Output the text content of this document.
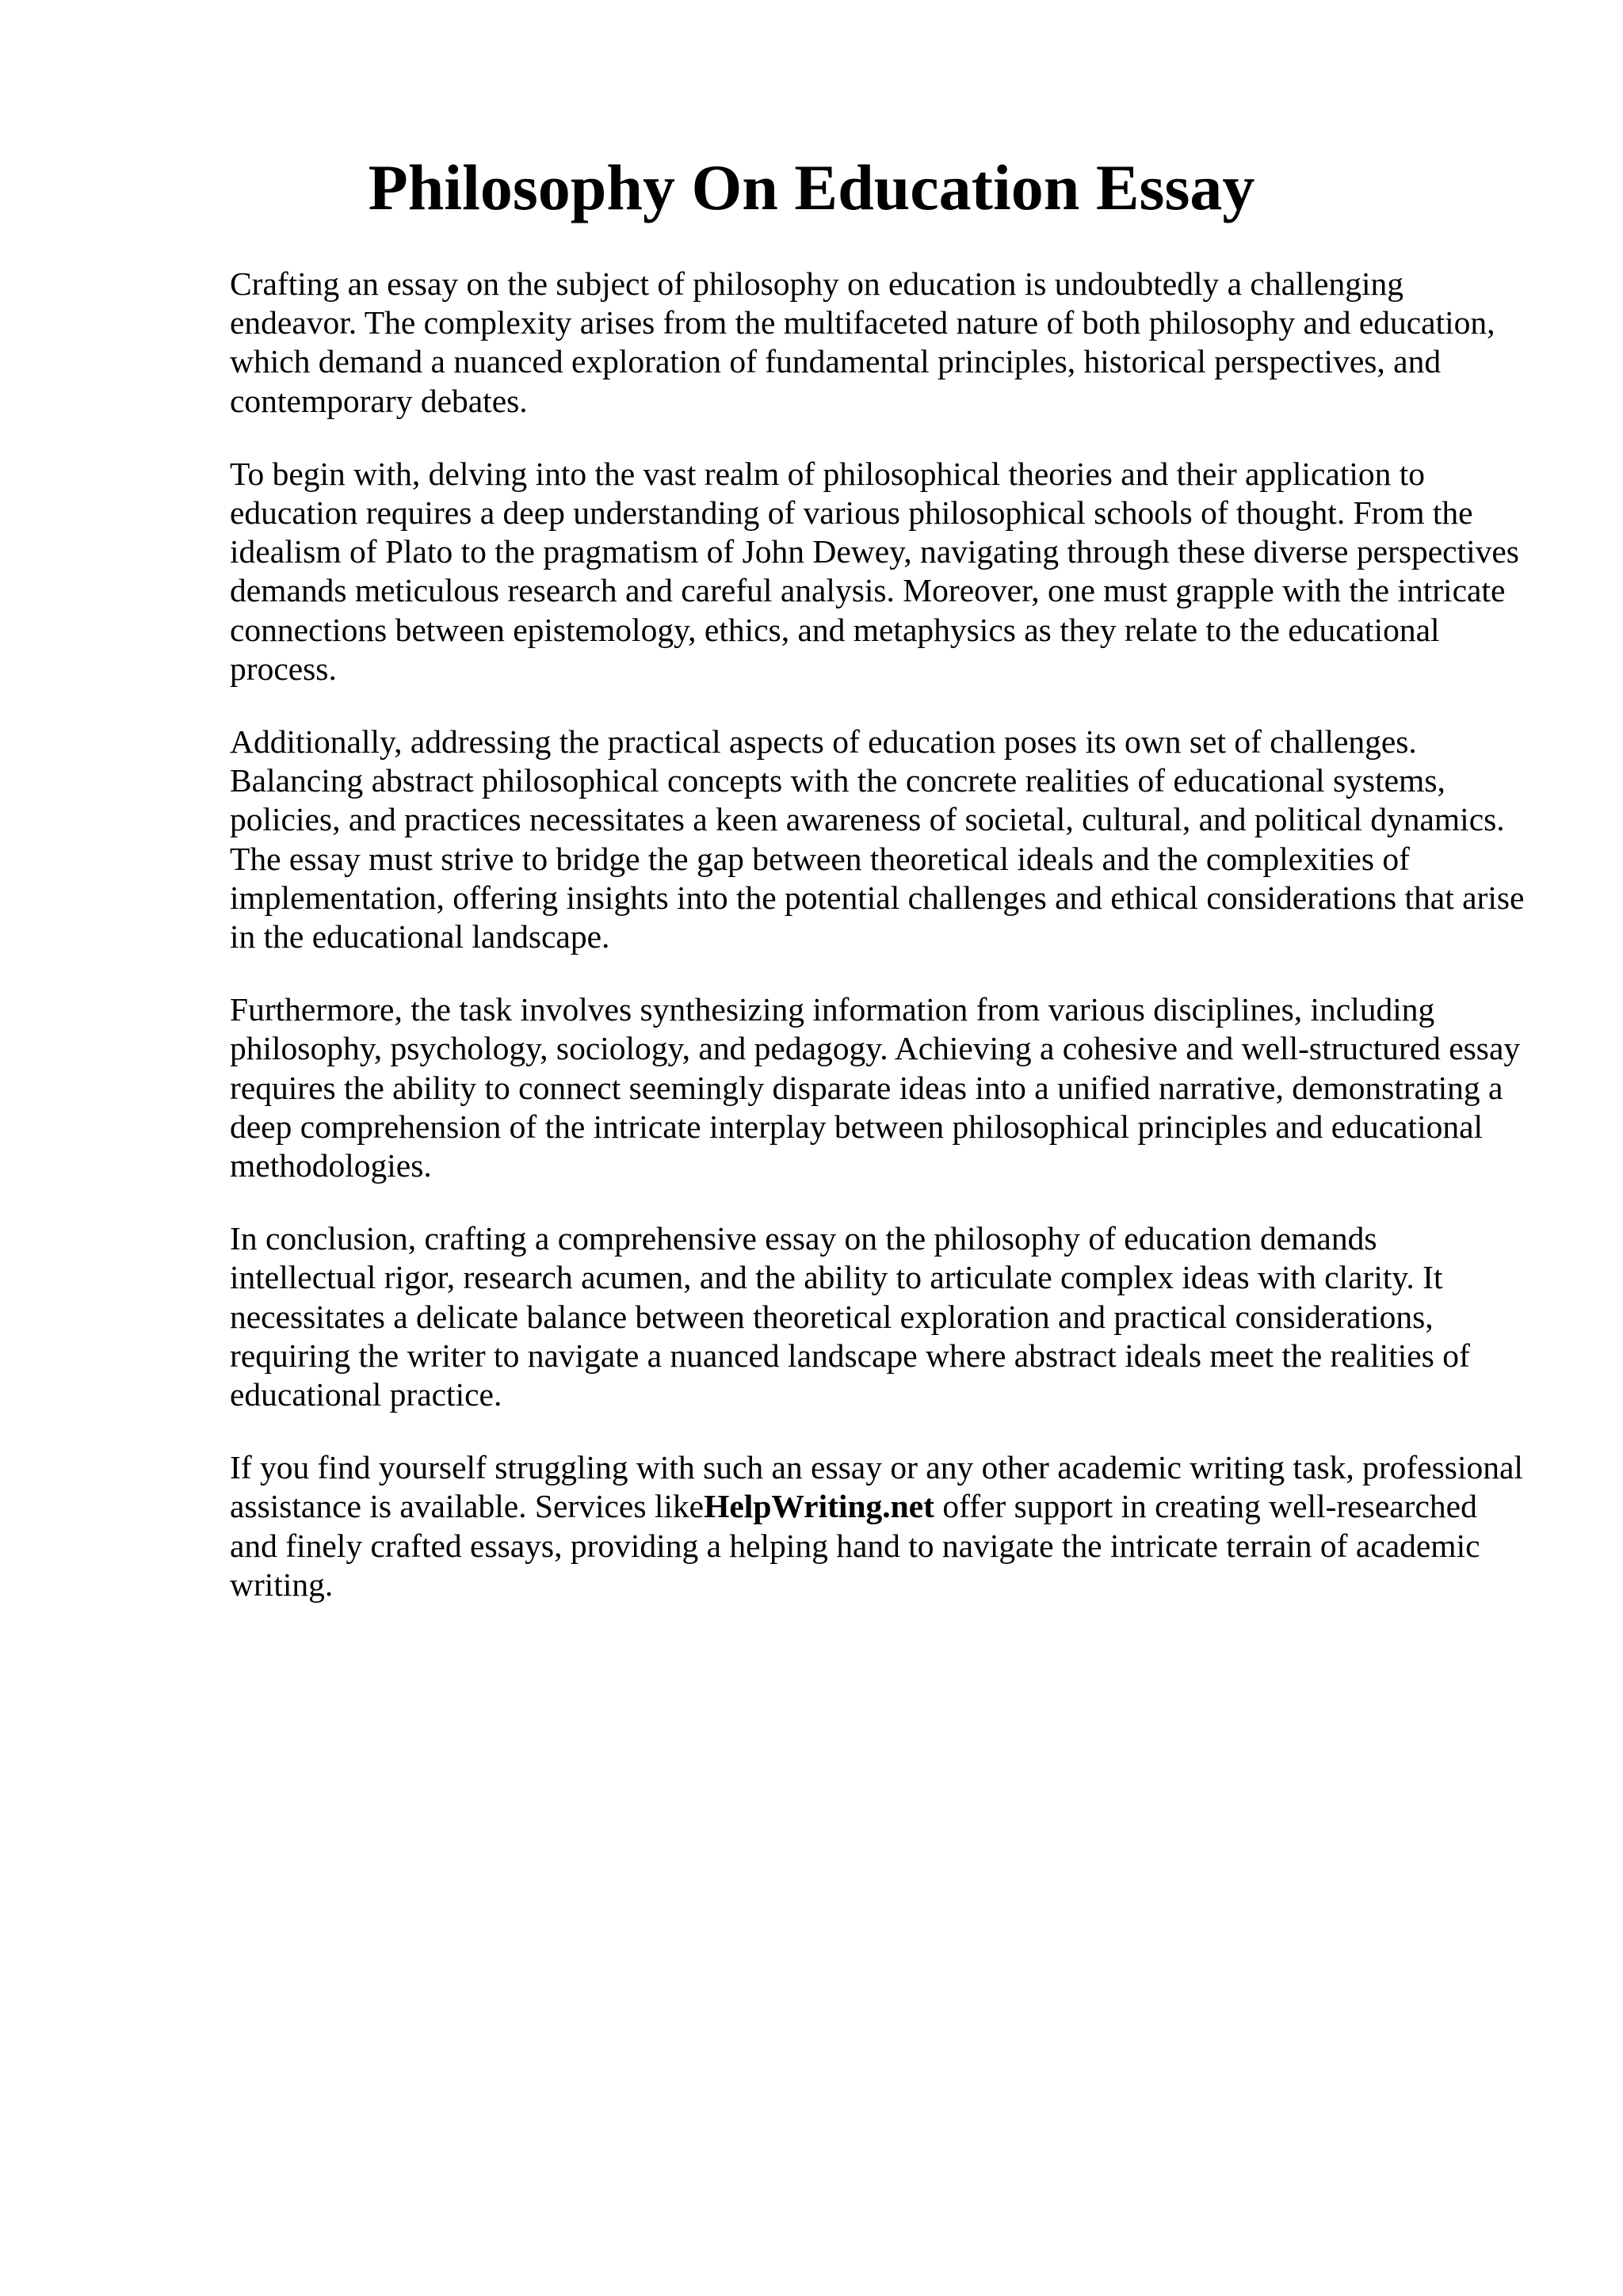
Philosophy On Education Essay

Crafting an essay on the subject of philosophy on education is undoubtedly a challenging endeavor. The complexity arises from the multifaceted nature of both philosophy and education, which demand a nuanced exploration of fundamental principles, historical perspectives, and contemporary debates.

To begin with, delving into the vast realm of philosophical theories and their application to education requires a deep understanding of various philosophical schools of thought. From the idealism of Plato to the pragmatism of John Dewey, navigating through these diverse perspectives demands meticulous research and careful analysis. Moreover, one must grapple with the intricate connections between epistemology, ethics, and metaphysics as they relate to the educational process.

Additionally, addressing the practical aspects of education poses its own set of challenges. Balancing abstract philosophical concepts with the concrete realities of educational systems, policies, and practices necessitates a keen awareness of societal, cultural, and political dynamics. The essay must strive to bridge the gap between theoretical ideals and the complexities of implementation, offering insights into the potential challenges and ethical considerations that arise in the educational landscape.

Furthermore, the task involves synthesizing information from various disciplines, including philosophy, psychology, sociology, and pedagogy. Achieving a cohesive and well-structured essay requires the ability to connect seemingly disparate ideas into a unified narrative, demonstrating a deep comprehension of the intricate interplay between philosophical principles and educational methodologies.

In conclusion, crafting a comprehensive essay on the philosophy of education demands intellectual rigor, research acumen, and the ability to articulate complex ideas with clarity. It necessitates a delicate balance between theoretical exploration and practical considerations, requiring the writer to navigate a nuanced landscape where abstract ideals meet the realities of educational practice.

If you find yourself struggling with such an essay or any other academic writing task, professional assistance is available. Services likeHelpWriting.net offer support in creating well-researched and finely crafted essays, providing a helping hand to navigate the intricate terrain of academic writing.
